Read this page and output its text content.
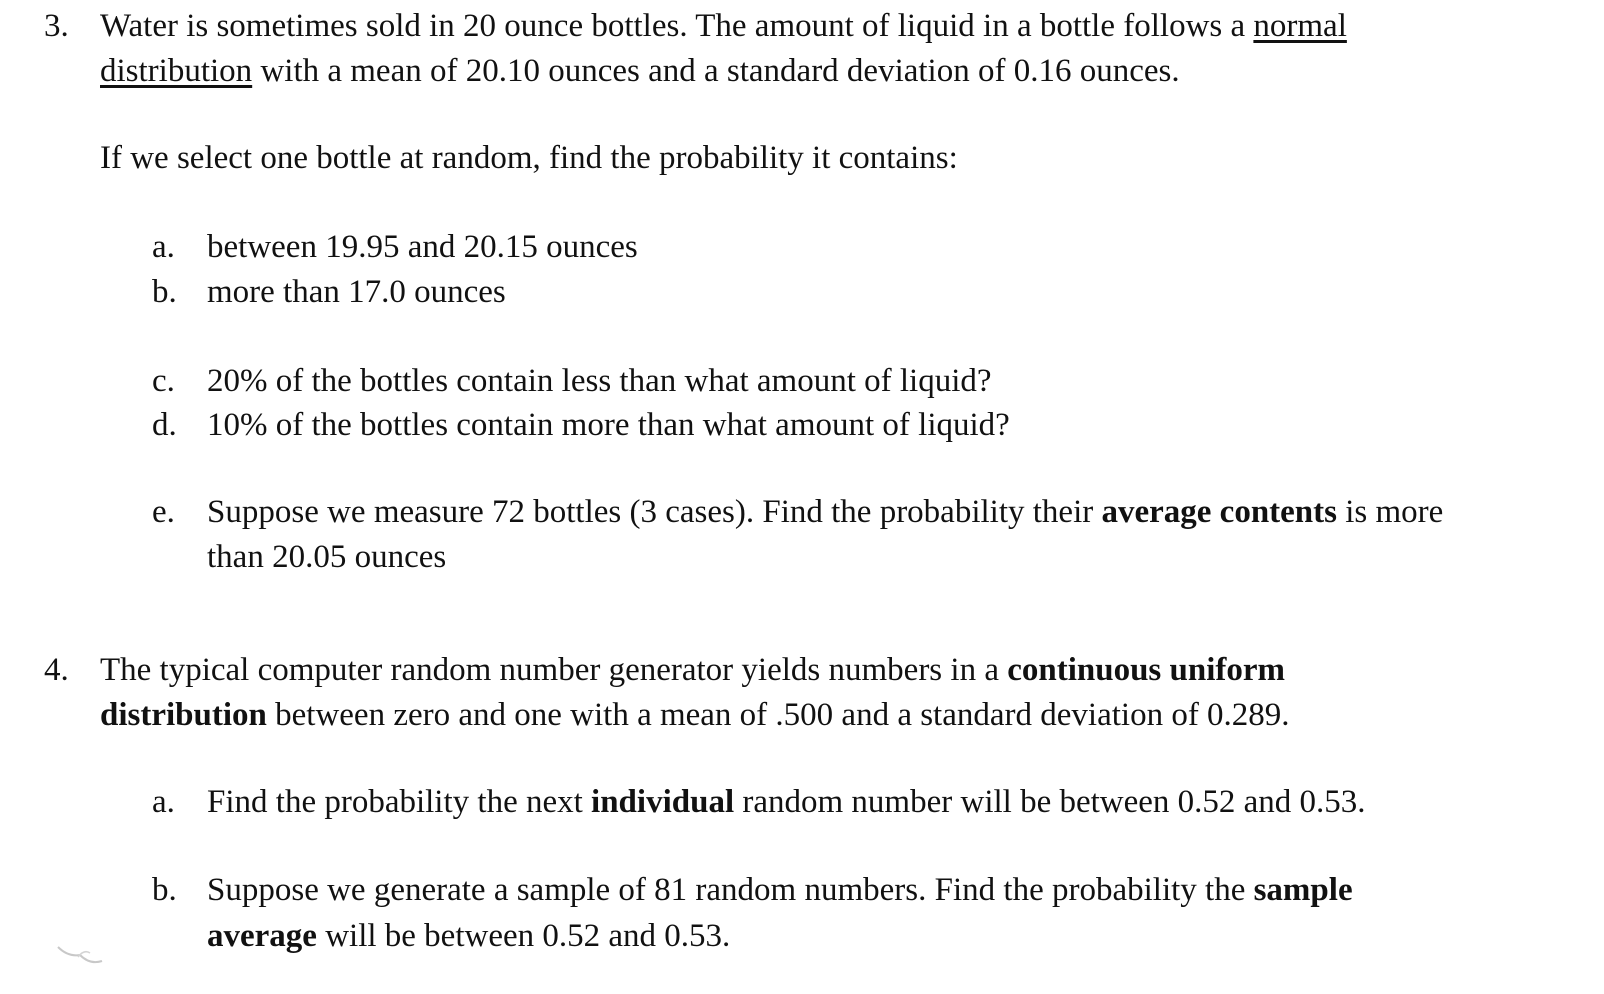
3. Water is sometimes sold in 20 ounce bottles. The amount of liquid in a bottle follows a normal
distribution with a mean of 20.10 ounces and a standard deviation of 0.16 ounces.
If we select one bottle at random, find the probability it contains:
a. between 19.95 and 20.15 ounces
b. more than 17.0 ounces
c. 20% of the bottles contain less than what amount of liquid?
d. 10% of the bottles contain more than what amount of liquid?
e. Suppose we measure 72 bottles (3 cases). Find the probability their average contents is more
than 20.05 ounces
4. The typical computer random number generator yields numbers in a continuous uniform
distribution between zero and one with a mean of .500 and a standard deviation of 0.289.
a. Find the probability the next individual random number will be between 0.52 and 0.53.
b. Suppose we generate a sample of 81 random numbers. Find the probability the sample
average will be between 0.52 and 0.53.
